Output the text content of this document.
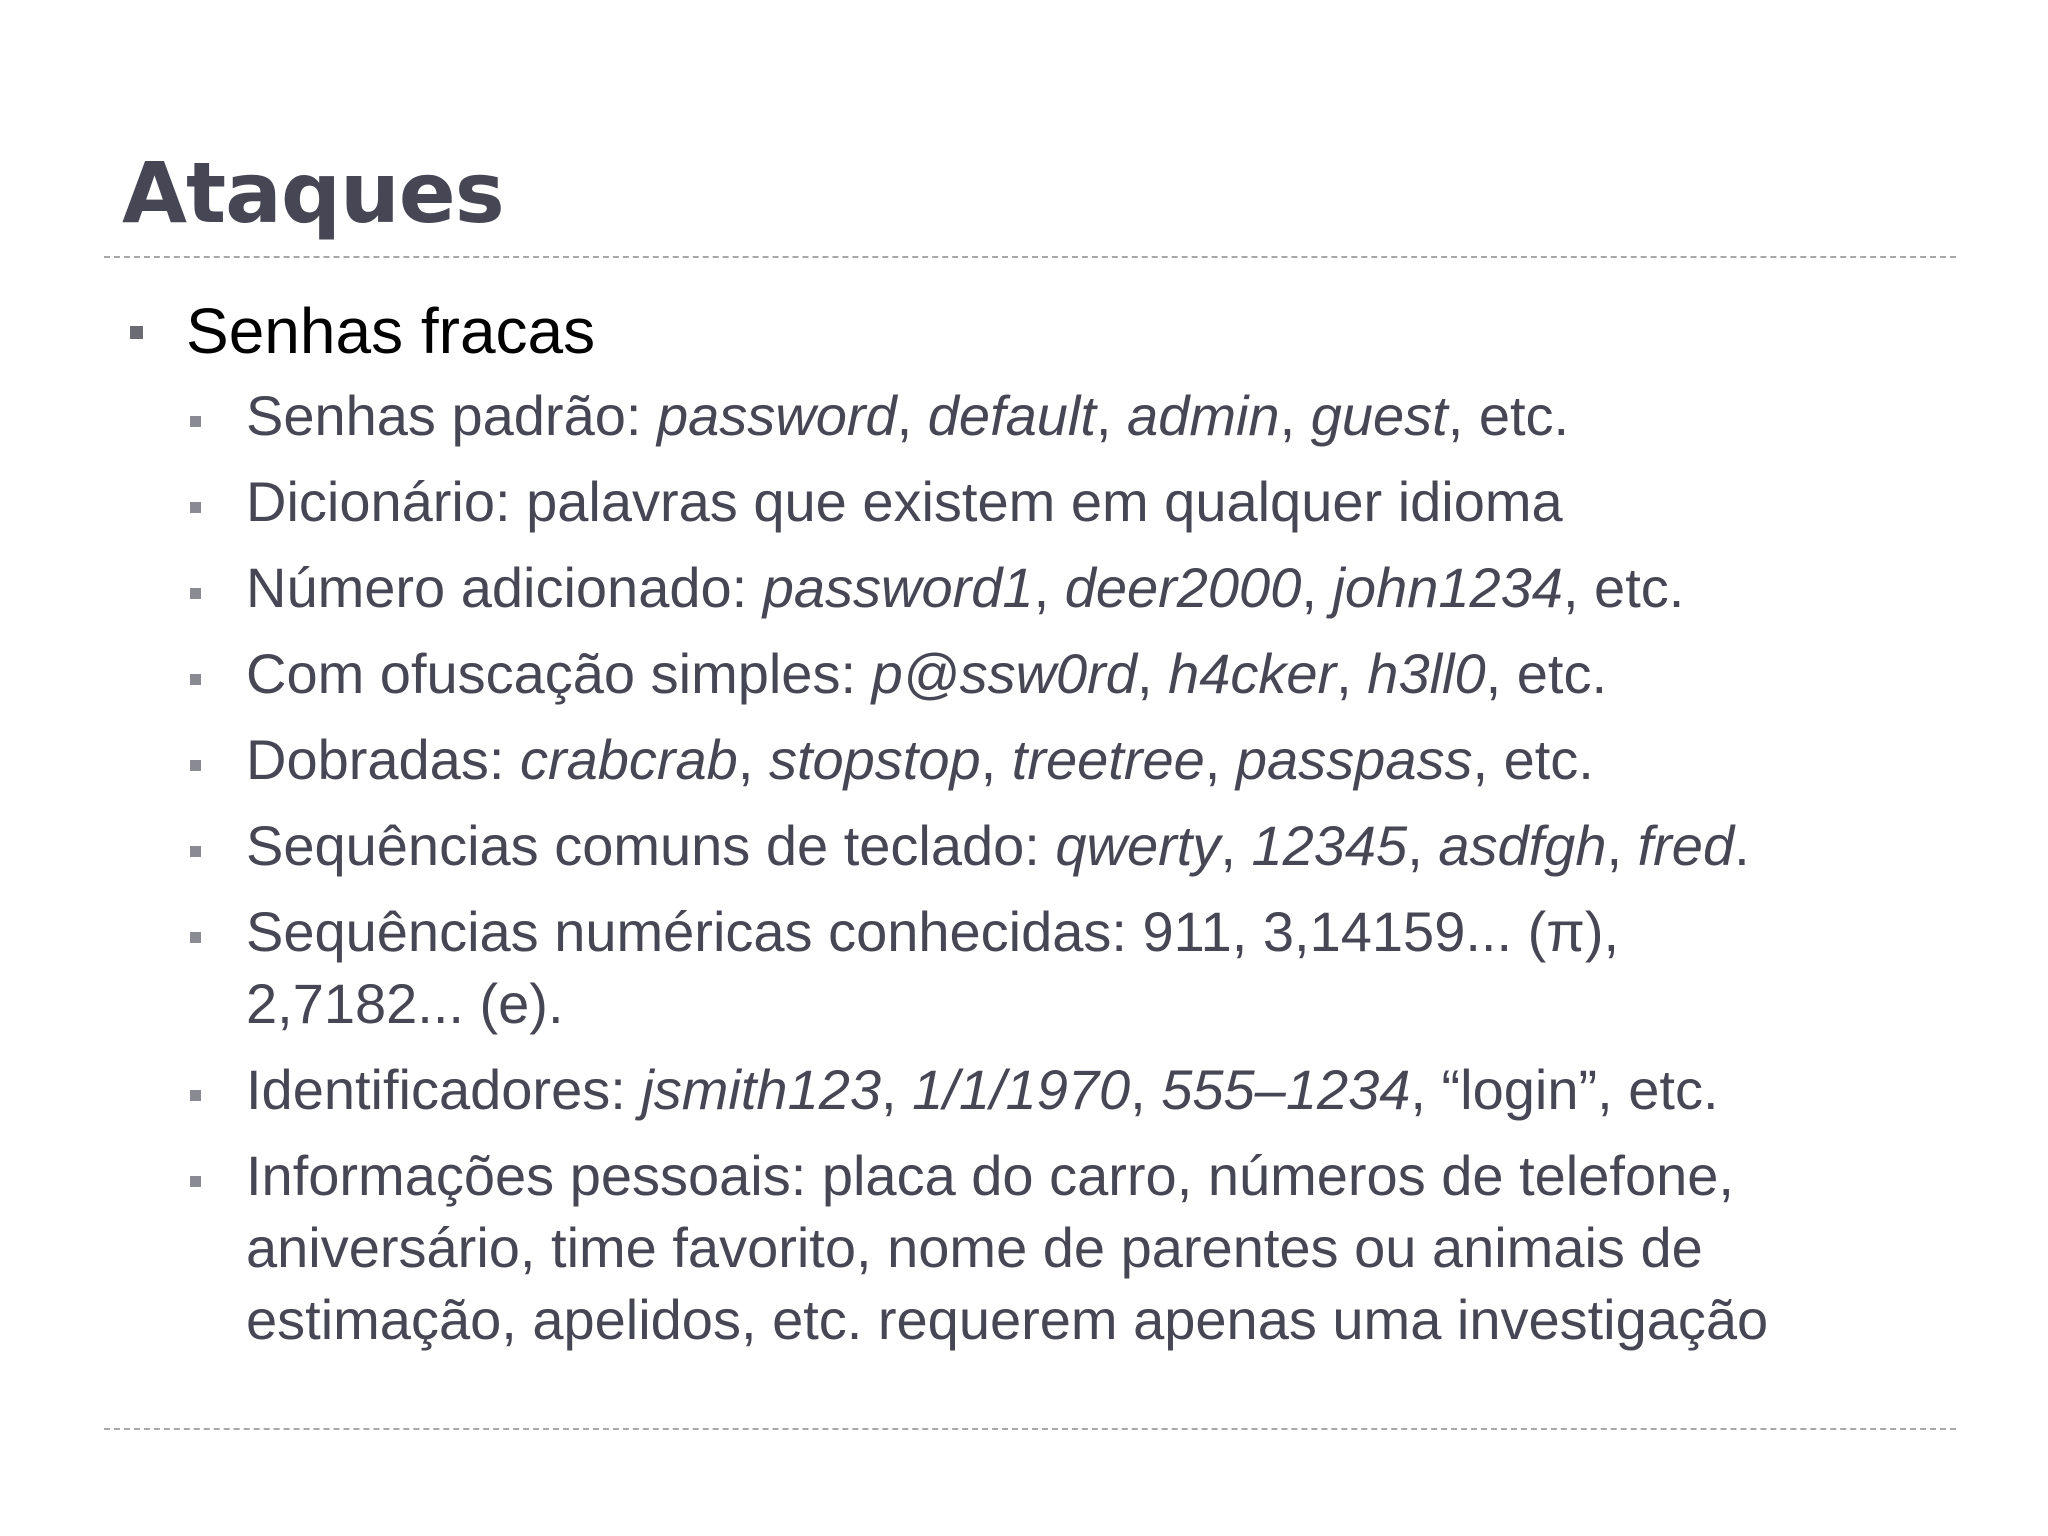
Ataques
Senhas fracas
Senhas padrão: password, default, admin, guest, etc.
Dicionário: palavras que existem em qualquer idioma
Número adicionado: password1, deer2000, john1234, etc.
Com ofuscação simples: p@ssw0rd, h4cker, h3ll0, etc.
Dobradas: crabcrab, stopstop, treetree, passpass, etc.
Sequências comuns de teclado: qwerty, 12345, asdfgh, fred.
Sequências numéricas conhecidas: 911, 3,14159... (π),
2,7182... (e).
Identificadores: jsmith123, 1/1/1970, 555–1234, “login”, etc.
Informações pessoais: placa do carro, números de telefone,
aniversário, time favorito, nome de parentes ou animais de
estimação, apelidos, etc. requerem apenas uma investigação
